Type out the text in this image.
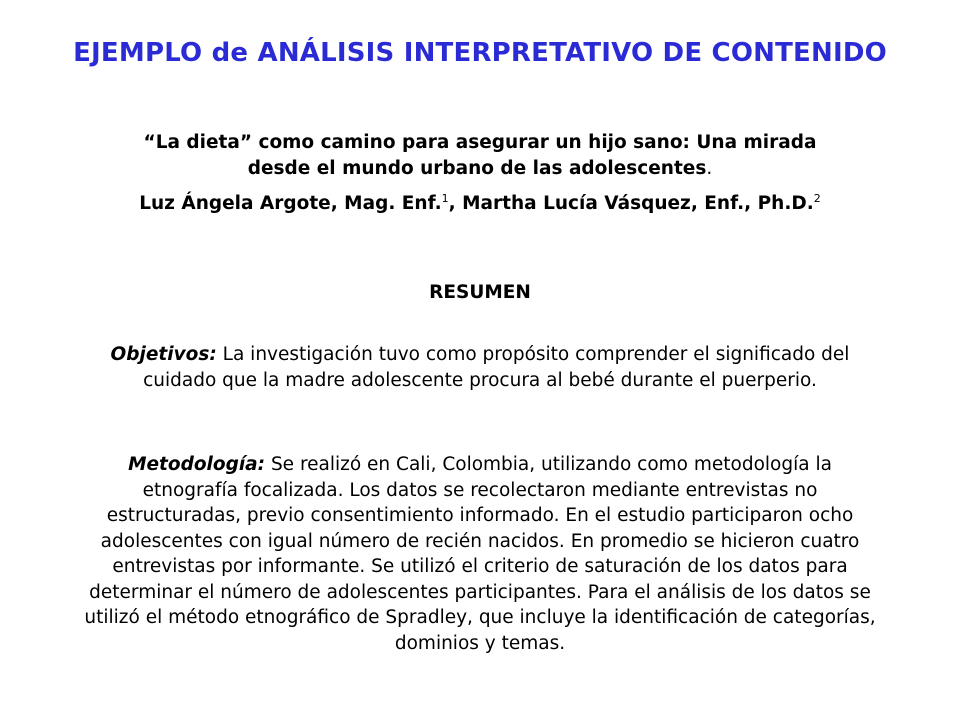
EJEMPLO de ANÁLISIS INTERPRETATIVO DE CONTENIDO
“La dieta” como camino para asegurar un hijo sano: Una mirada
desde el mundo urbano de las adolescentes.
Luz Ángela Argote, Mag. Enf.$^1$, Martha Lucía Vásquez, Enf., Ph.D.$^2$
RESUMEN
Objetivos: La investigación tuvo como propósito comprender el significado del cuidado que la madre adolescente procura al bebé durante el puerperio.
Metodología: Se realizó en Cali, Colombia, utilizando como metodología la etnografía focalizada. Los datos se recolectaron mediante entrevistas no estructuradas, previo consentimiento informado. En el estudio participaron ocho adolescentes con igual número de recién nacidos. En promedio se hicieron cuatro entrevistas por informante. Se utilizó el criterio de saturación de los datos para determinar el número de adolescentes participantes. Para el análisis de los datos se utilizó el método etnográfico de Spradley, que incluye la identificación de categorías, dominios y temas.
